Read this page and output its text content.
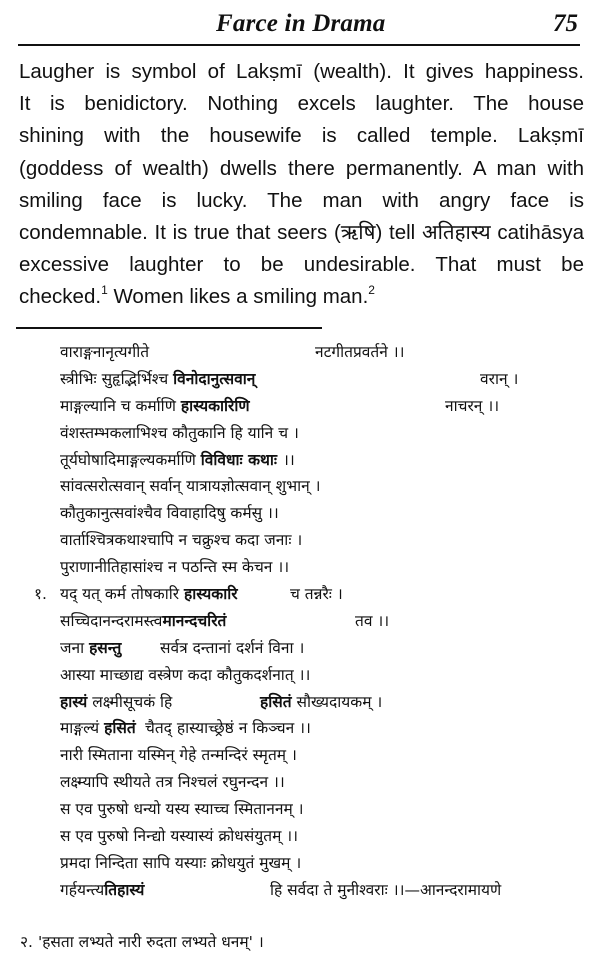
Farce in Drama	75
Laugher is symbol of Lakṣmī (wealth). It gives happiness.
It is benidictory. Nothing excels laughter. The house
shining with the housewife is called temple. Lakṣmī
(goddess of wealth) dwells there permanently. A man with
smiling face is lucky. The man with angry face is
condemnable. It is true that seers (ऋषि) tell अतिहास्य catihāsya
excessive laughter to be undesirable. That must be
checked.$^1$ Women likes a smiling man.$^2$
वाराङ्गनानृत्यगीते	नटगीतप्रवर्तने ।।
स्त्रीभिः सुहृद्भिर्भिश्च विनोदानुत्सवान्	वरान् ।
माङ्गल्यानि च कर्माणि हास्यकारिणि	नाचरन् ।।
वंशस्तम्भकलाभिश्च कौतुकानि हि यानि च ।
तूर्यघोषादिमाङ्गल्यकर्माणि विविधाः कथाः ।।
सांवत्सरोत्सवान् सर्वान् यात्रायज्ञोत्सवान् शुभान् ।
कौतुकानुत्सवांश्चैव विवाहादिषु कर्मसु ।।
वार्ताश्चित्रकथाश्चापि न चक्रुश्च कदा जनाः ।
पुराणानीतिहासांश्च न पठन्ति स्म केचन ।।
१. यद् यत् कर्म तोषकारि हास्यकारि	च तन्नरैः ।
सच्चिदानन्दरामस्त्वमानन्दचरितं	तव ।।
जना हसन्तु सर्वत्र दन्तानां दर्शनं विना ।
आस्या माच्छाद्य वस्त्रेण कदा कौतुकदर्शनात् ।।
हास्यं लक्ष्मीसूचकं हि	हसितं सौख्यदायकम् ।
माङ्गल्यं हसितं चैतद् हास्याच्छ्रेष्ठं न किञ्चन ।।
नारी स्मिताना यस्मिन् गेहे तन्मन्दिरं स्मृतम् ।
लक्ष्म्यापि स्थीयते तत्र निश्चलं रघुनन्दन ।।
स एव पुरुषो धन्यो यस्य स्याच्च स्मिताननम् ।
स एव पुरुषो निन्द्यो यस्यास्यं क्रोधसंयुतम् ।।
प्रमदा निन्दिता सापि यस्याः क्रोधयुतं मुखम् ।
गर्हयन्त्यतिहास्यं	हि सर्वदा ते मुनीश्वराः ।।—आनन्दरामायणे
२. 'हसता लभ्यते नारी रुदता लभ्यते धनम्' ।
